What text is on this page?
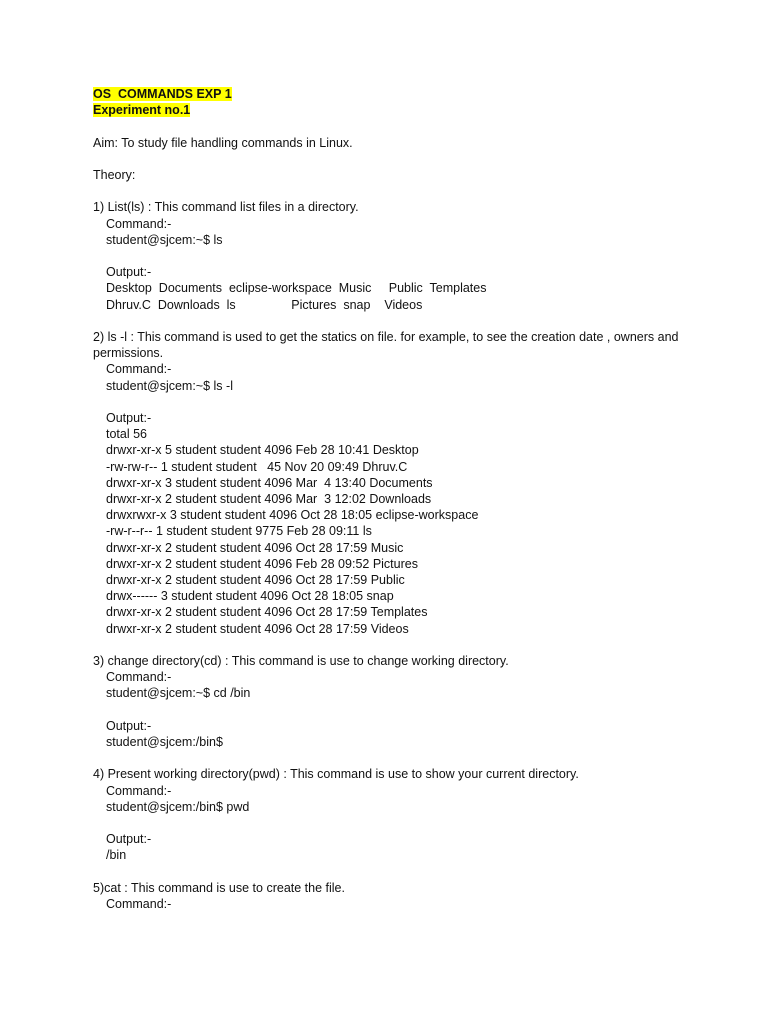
OS  COMMANDS EXP 1
Experiment no.1
Aim: To study file handling commands in Linux.
Theory:
1) List(ls) : This command list files in a directory.
Command:-
student@sjcem:~$ ls
Output:-
Desktop  Documents  eclipse-workspace  Music     Public  Templates
Dhruv.C  Downloads  ls                Pictures  snap    Videos
2) ls -l : This command is used to get the statics on file. for example, to see the creation date , owners and permissions.
Command:-
student@sjcem:~$ ls -l
Output:-
total 56
drwxr-xr-x 5 student student 4096 Feb 28 10:41 Desktop
-rw-rw-r-- 1 student student   45 Nov 20 09:49 Dhruv.C
drwxr-xr-x 3 student student 4096 Mar  4 13:40 Documents
drwxr-xr-x 2 student student 4096 Mar  3 12:02 Downloads
drwxrwxr-x 3 student student 4096 Oct 28 18:05 eclipse-workspace
-rw-r--r-- 1 student student 9775 Feb 28 09:11 ls
drwxr-xr-x 2 student student 4096 Oct 28 17:59 Music
drwxr-xr-x 2 student student 4096 Feb 28 09:52 Pictures
drwxr-xr-x 2 student student 4096 Oct 28 17:59 Public
drwx------ 3 student student 4096 Oct 28 18:05 snap
drwxr-xr-x 2 student student 4096 Oct 28 17:59 Templates
drwxr-xr-x 2 student student 4096 Oct 28 17:59 Videos
3) change directory(cd) : This command is use to change working directory.
Command:-
student@sjcem:~$ cd /bin
Output:-
student@sjcem:/bin$
4) Present working directory(pwd) : This command is use to show your current directory.
Command:-
student@sjcem:/bin$ pwd
Output:-
/bin
5)cat : This command is use to create the file.
Command:-
